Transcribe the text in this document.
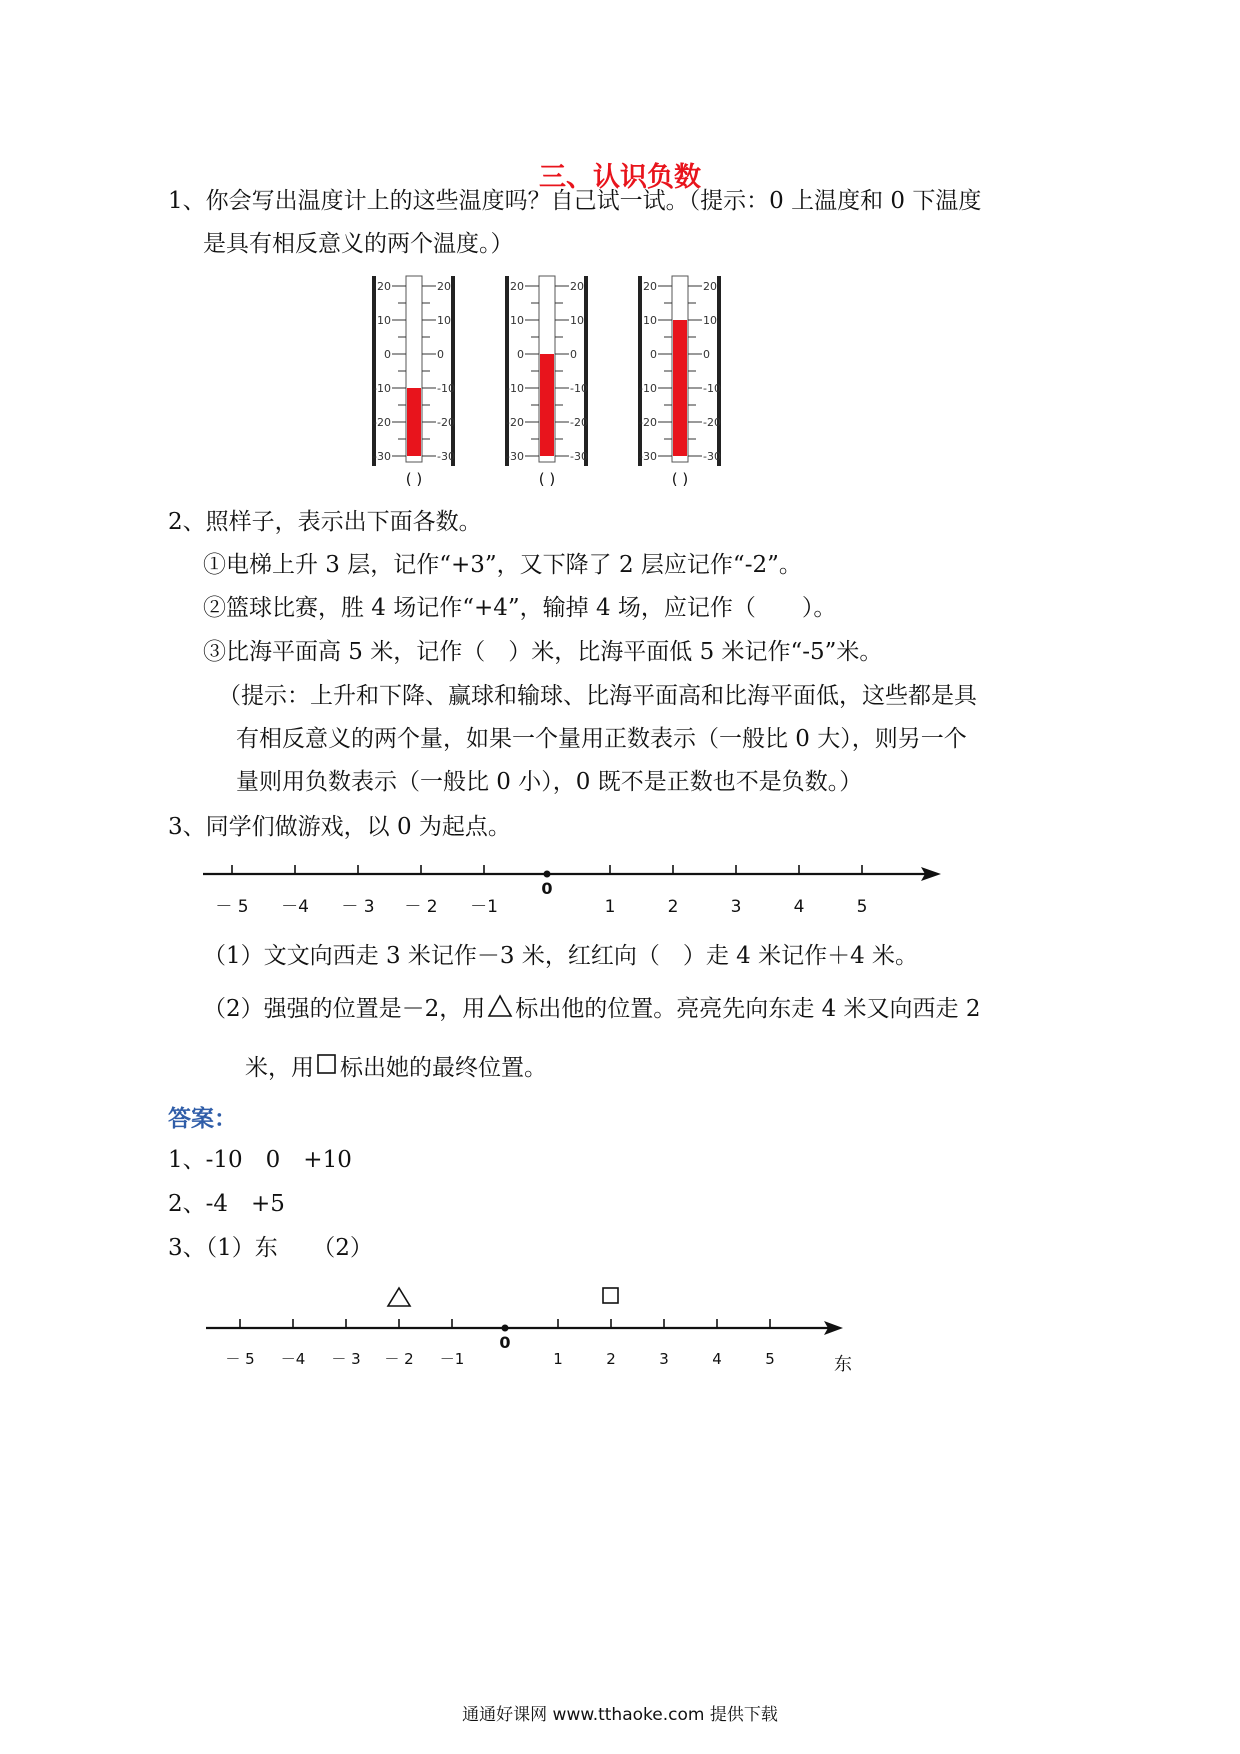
三、认识负数
1、你会写出温度计上的这些温度吗？自己试一试。（提示：0 上温度和 0 下温度
是具有相反意义的两个温度。）
20	20
10	10
0	0
-10	-10
-20	-20
-30	-30
( )
20	20
10	10
0	0
-10	-10
-20	-20
-30	-30
( )
20	20
10	10
0	0
-10	-10
-20	-20
-30	-30
( )
2、照样子，表示出下面各数。
①电梯上升 3 层，记作“+3”，又下降了 2 层应记作“-2”。
②篮球比赛，胜 4 场记作“+4”，输掉 4 场，应记作（　　）。
③比海平面高 5 米，记作（　）米，比海平面低 5 米记作“-5”米。
（提示：上升和下降、赢球和输球、比海平面高和比海平面低，这些都是具
有相反意义的两个量，如果一个量用正数表示（一般比 0 大），则另一个
量则用负数表示（一般比 0 小），0 既不是正数也不是负数。）
3、同学们做游戏，以 0 为起点。
－ 5 －4 － 3 － 2 －1
0
1	2	3	4	5
（1）文文向西走 3 米记作－3 米，红红向（　）走 4 米记作＋4 米。
（2）强强的位置是－2，用 标出他的位置。亮亮先向东走 4 米又向西走 2
米，用 标出她的最终位置。
答案：
1、-10　0　+10
2、-4　+5
3、（1）东　　（2）
－ 5 －4 － 3 － 2 －1
0
1	2	3	4	5	东
通通好课网 www.tthaoke.com 提供下载
